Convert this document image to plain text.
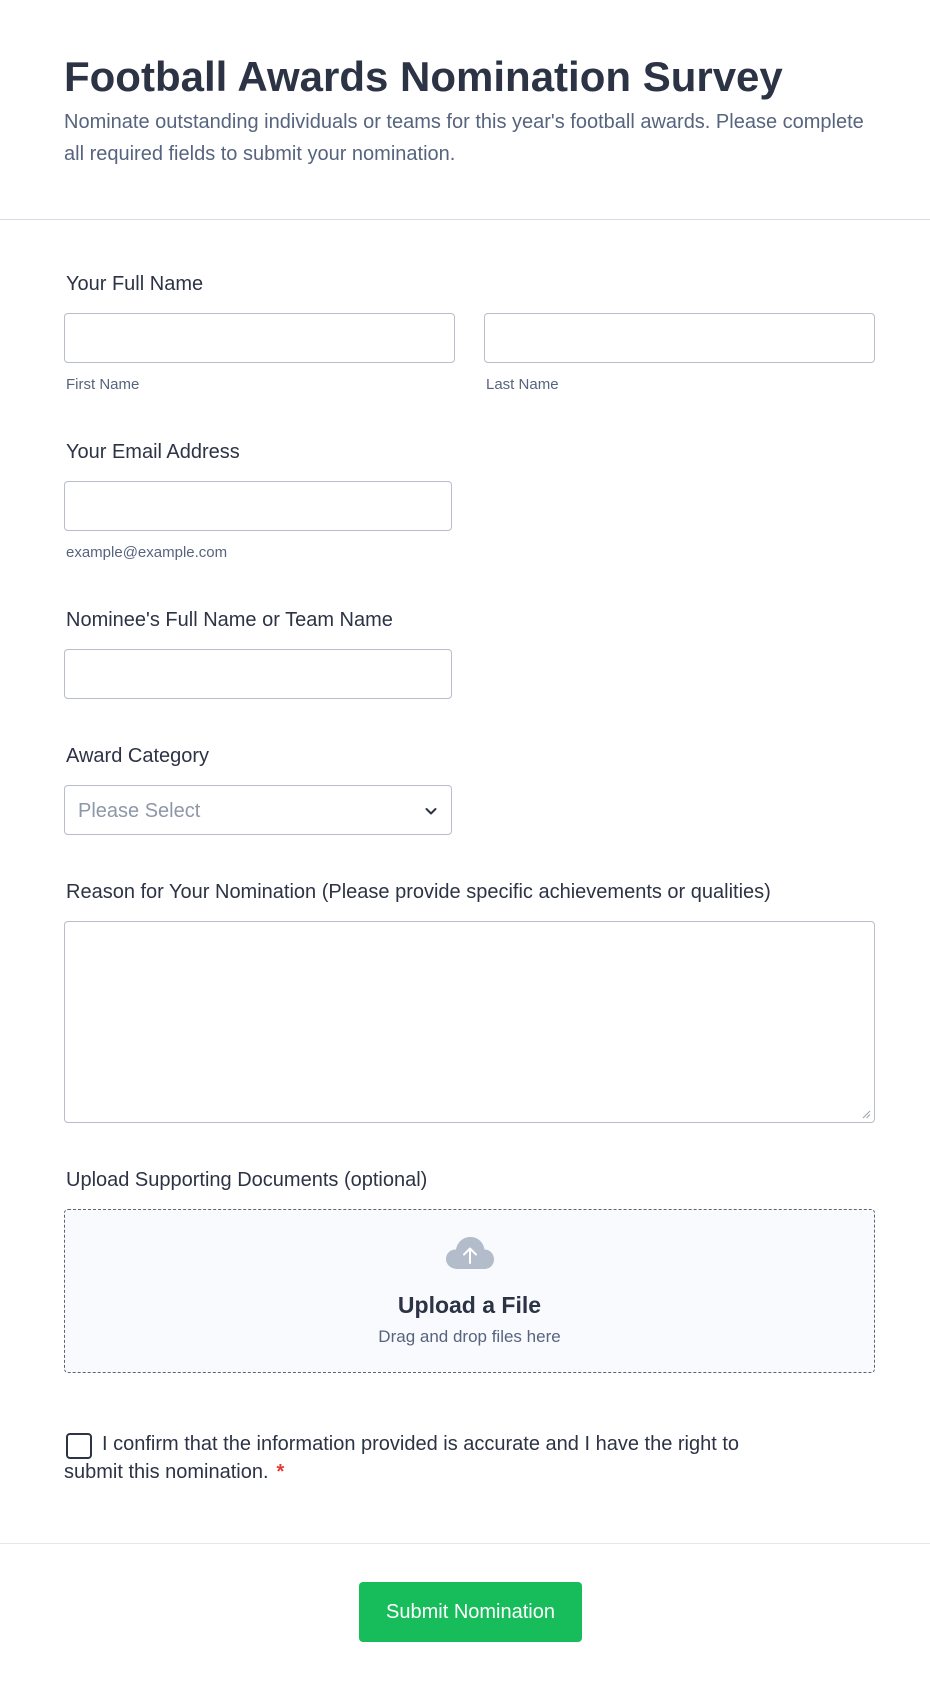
Football Awards Nomination Survey

Nominate outstanding individuals or teams for this year's football awards. Please complete all required fields to submit your nomination.

Your Full Name
First Name	Last Name
Your Email Address
example@example.com
Nominee's Full Name or Team Name
Award Category
Please Select
Reason for Your Nomination (Please provide specific achievements or qualities)
Upload Supporting Documents (optional)
Upload a File
Drag and drop files here
I confirm that the information provided is accurate and I have the right to submit this nomination. *
Submit Nomination
